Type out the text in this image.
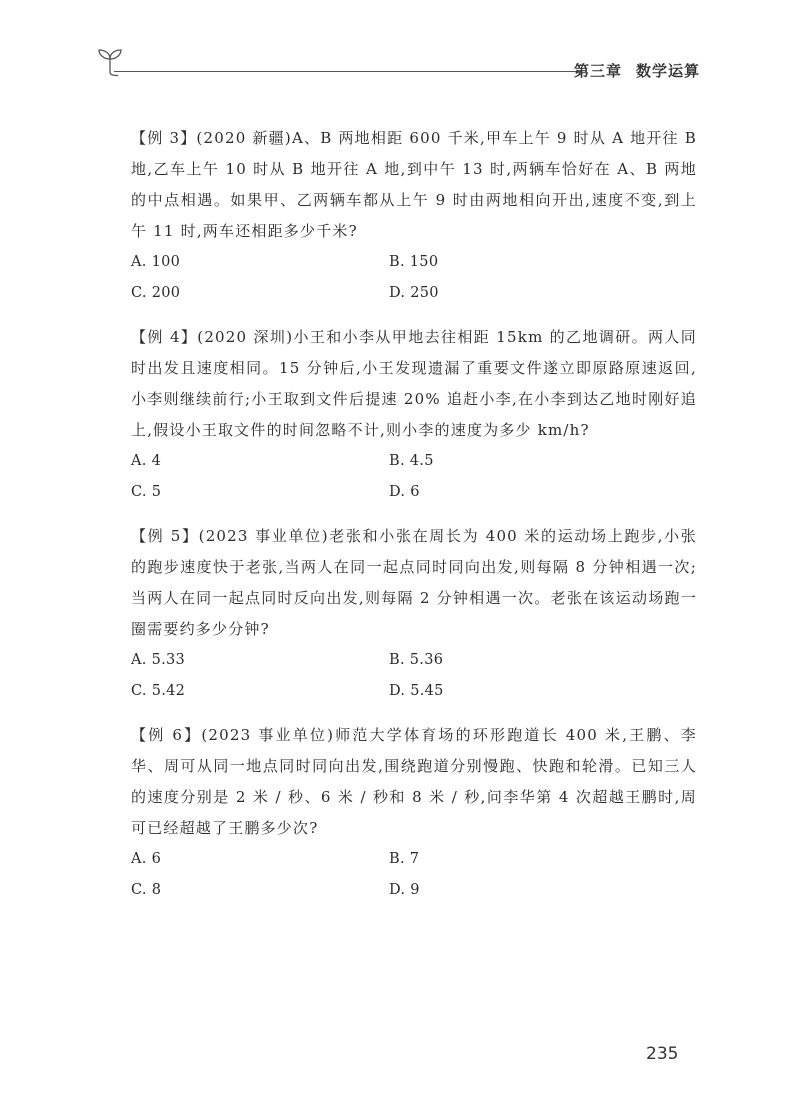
第三章 数学运算

【例 3】(2020 新疆)A、B 两地相距 600 千米,甲车上午 9 时从 A 地开往 B 地,乙车上午 10 时从 B 地开往 A 地,到中午 13 时,两辆车恰好在 A、B 两地的中点相遇。如果甲、乙两辆车都从上午 9 时由两地相向开出,速度不变,到上午 11 时,两车还相距多少千米?

A. 100	B. 150
C. 200	D. 250

【例 4】(2020 深圳)小王和小李从甲地去往相距 15km 的乙地调研。两人同时出发且速度相同。15 分钟后,小王发现遗漏了重要文件遂立即原路原速返回,小李则继续前行;小王取到文件后提速 20% 追赶小李,在小李到达乙地时刚好追上,假设小王取文件的时间忽略不计,则小李的速度为多少 km/h?

A. 4	B. 4.5
C. 5	D. 6

【例 5】(2023 事业单位)老张和小张在周长为 400 米的运动场上跑步,小张的跑步速度快于老张,当两人在同一起点同时同向出发,则每隔 8 分钟相遇一次;当两人在同一起点同时反向出发,则每隔 2 分钟相遇一次。老张在该运动场跑一圈需要约多少分钟?

A. 5.33	B. 5.36
C. 5.42	D. 5.45

【例 6】(2023 事业单位)师范大学体育场的环形跑道长 400 米,王鹏、李华、周可从同一地点同时同向出发,围绕跑道分别慢跑、快跑和轮滑。已知三人的速度分别是 2 米 / 秒、6 米 / 秒和 8 米 / 秒,问李华第 4 次超越王鹏时,周可已经超越了王鹏多少次?

A. 6	B. 7
C. 8	D. 9
235
